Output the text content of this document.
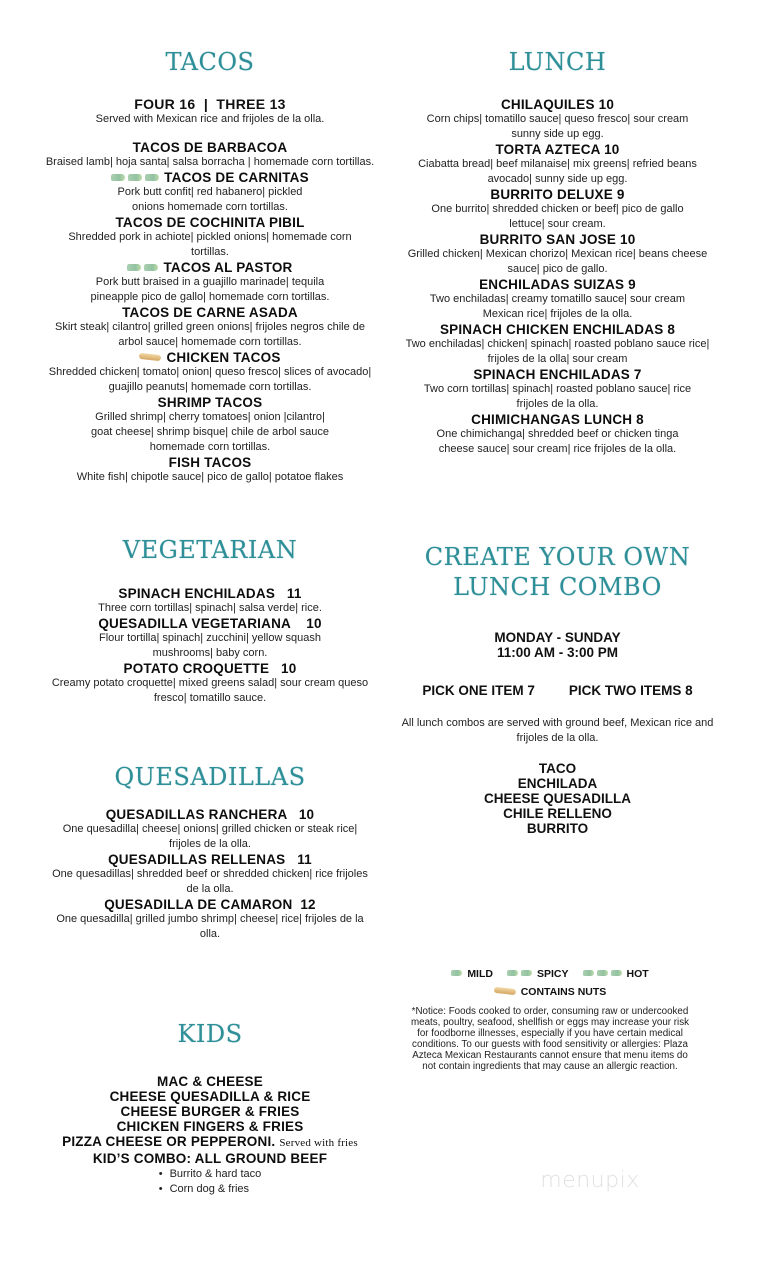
TACOS
FOUR 16  |  THREE 13
Served with Mexican rice and frijoles de la olla.
TACOS DE BARBACOA
Braised lamb| hoja santa| salsa borracha | homemade corn tortillas.
TACOS DE CARNITAS
Pork butt confit| red habanero| pickled onions homemade corn tortillas.
TACOS DE COCHINITA PIBIL
Shredded pork in achiote| pickled onions| homemade corn tortillas.
TACOS AL PASTOR
Pork butt braised in a guajillo marinade| tequila pineapple pico de gallo| homemade corn tortillas.
TACOS DE CARNE ASADA
Skirt steak| cilantro| grilled green onions| frijoles negros chile de arbol sauce| homemade corn tortillas.
CHICKEN TACOS
Shredded chicken| tomato| onion| queso fresco| slices of avocado| guajillo peanuts| homemade corn tortillas.
SHRIMP TACOS
Grilled shrimp| cherry tomatoes| onion |cilantro| goat cheese| shrimp bisque| chile de arbol sauce homemade corn tortillas.
FISH TACOS
White fish| chipotle sauce| pico de gallo| potatoe flakes
LUNCH
CHILAQUILES 10
Corn chips| tomatillo sauce| queso fresco| sour cream sunny side up egg.
TORTA AZTECA 10
Ciabatta bread| beef milanaise| mix greens| refried beans avocado| sunny side up egg.
BURRITO DELUXE 9
One burrito| shredded chicken or beef| pico de gallo lettuce| sour cream.
BURRITO SAN JOSE 10
Grilled chicken| Mexican chorizo| Mexican rice| beans cheese sauce| pico de gallo.
ENCHILADAS SUIZAS 9
Two enchiladas| creamy tomatillo sauce| sour cream Mexican rice| frijoles de la olla.
SPINACH CHICKEN ENCHILADAS 8
Two enchiladas| chicken| spinach| roasted poblano sauce rice| frijoles de la olla| sour cream
SPINACH ENCHILADAS 7
Two corn tortillas| spinach| roasted poblano sauce| rice frijoles de la olla.
CHIMICHANGAS LUNCH 8
One chimichanga| shredded beef or chicken tinga cheese sauce| sour cream| rice frijoles de la olla.
VEGETARIAN
SPINACH ENCHILADAS   11
Three corn tortillas| spinach| salsa verde| rice.
QUESADILLA VEGETARIANA    10
Flour tortilla| spinach| zucchini| yellow squash mushrooms| baby corn.
POTATO CROQUETTE   10
Creamy potato croquette| mixed greens salad| sour cream queso fresco| tomatillo sauce.
CREATE YOUR OWN
LUNCH COMBO
MONDAY - SUNDAY
11:00 AM - 3:00 PM
PICK ONE ITEM 7	PICK TWO ITEMS 8
All lunch combos are served with ground beef, Mexican rice and frijoles de la olla.
TACO
ENCHILADA
CHEESE QUESADILLA
CHILE RELLENO
BURRITO
QUESADILLAS
QUESADILLAS RANCHERA   10
One quesadilla| cheese| onions| grilled chicken or steak rice| frijoles de la olla.
QUESADILLAS RELLENAS   11
One quesadillas| shredded beef or shredded chicken| rice frijoles de la olla.
QUESADILLA DE CAMARON  12
One quesadilla| grilled jumbo shrimp| cheese| rice| frijoles de la olla.
KIDS
MAC & CHEESE
CHEESE QUESADILLA & RICE
CHEESE BURGER & FRIES
CHICKEN FINGERS & FRIES
PIZZA CHEESE OR PEPPERONI. Served with fries
KID’S COMBO: ALL GROUND BEEF
• Burrito & hard taco
• Corn dog & fries
MILD	SPICY	HOT
CONTAINS NUTS

*Notice: Foods cooked to order, consuming raw or undercooked meats, poultry, seafood, shellfish or eggs may increase your risk for foodborne illnesses, especially if you have certain medical conditions. To our guests with food sensitivity or allergies: Plaza Azteca Mexican Restaurants cannot ensure that menu items do not contain ingredients that may cause an allergic reaction.

menupix
